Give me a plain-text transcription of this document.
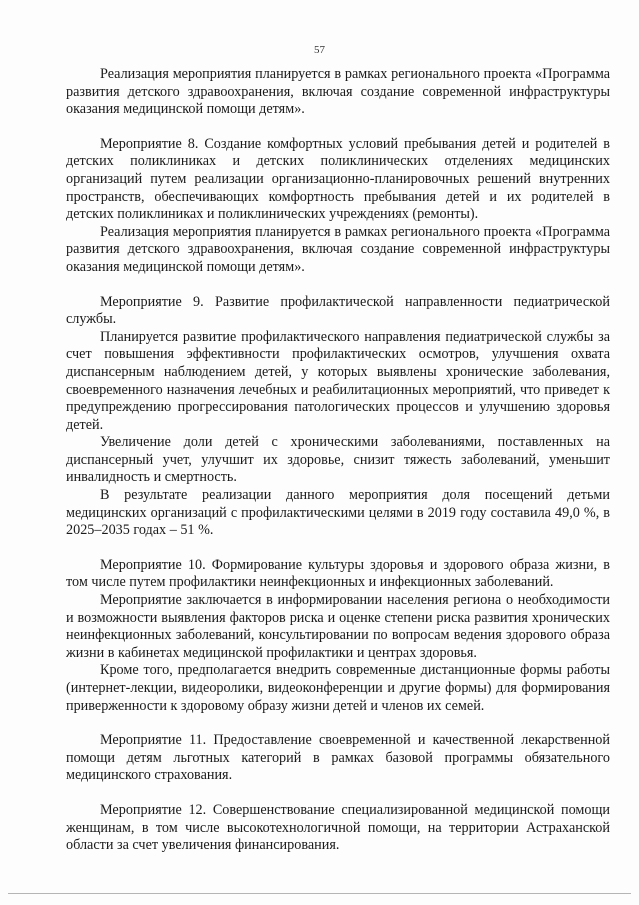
57

Реализация мероприятия планируется в рамках регионального проекта «Программа развития детского здравоохранения, включая создание современной инфраструктуры оказания медицинской помощи детям».

Мероприятие 8. Создание комфортных условий пребывания детей и родителей в детских поликлиниках и детских поликлинических отделениях медицинских организаций путем реализации организационно-планировочных решений внутренних пространств, обеспечивающих комфортность пребывания детей и их родителей в детских поликлиниках и поликлинических учреждениях (ремонты).

Реализация мероприятия планируется в рамках регионального проекта «Программа развития детского здравоохранения, включая создание современной инфраструктуры оказания медицинской помощи детям».

Мероприятие 9. Развитие профилактической направленности педиатрической службы.

Планируется развитие профилактического направления педиатрической службы за счет повышения эффективности профилактических осмотров, улучшения охвата диспансерным наблюдением детей, у которых выявлены хронические заболевания, своевременного назначения лечебных и реабилитационных мероприятий, что приведет к предупреждению прогрессирования патологических процессов и улучшению здоровья детей.

Увеличение доли детей с хроническими заболеваниями, поставленных на диспансерный учет, улучшит их здоровье, снизит тяжесть заболеваний, уменьшит инвалидность и смертность.

В результате реализации данного мероприятия доля посещений детьми медицинских организаций с профилактическими целями в 2019 году составила 49,0 %, в 2025–2035 годах – 51 %.

Мероприятие 10. Формирование культуры здоровья и здорового образа жизни, в том числе путем профилактики неинфекционных и инфекционных заболеваний.

Мероприятие заключается в информировании населения региона о необходимости и возможности выявления факторов риска и оценке степени риска развития хронических неинфекционных заболеваний, консультировании по вопросам ведения здорового образа жизни в кабинетах медицинской профилактики и центрах здоровья.

Кроме того, предполагается внедрить современные дистанционные формы работы (интернет-лекции, видеоролики, видеоконференции и другие формы) для формирования приверженности к здоровому образу жизни детей и членов их семей.

Мероприятие 11. Предоставление своевременной и качественной лекарственной помощи детям льготных категорий в рамках базовой программы обязательного медицинского страхования.

Мероприятие 12. Совершенствование специализированной медицинской помощи женщинам, в том числе высокотехнологичной помощи, на территории Астраханской области за счет увеличения финансирования.
